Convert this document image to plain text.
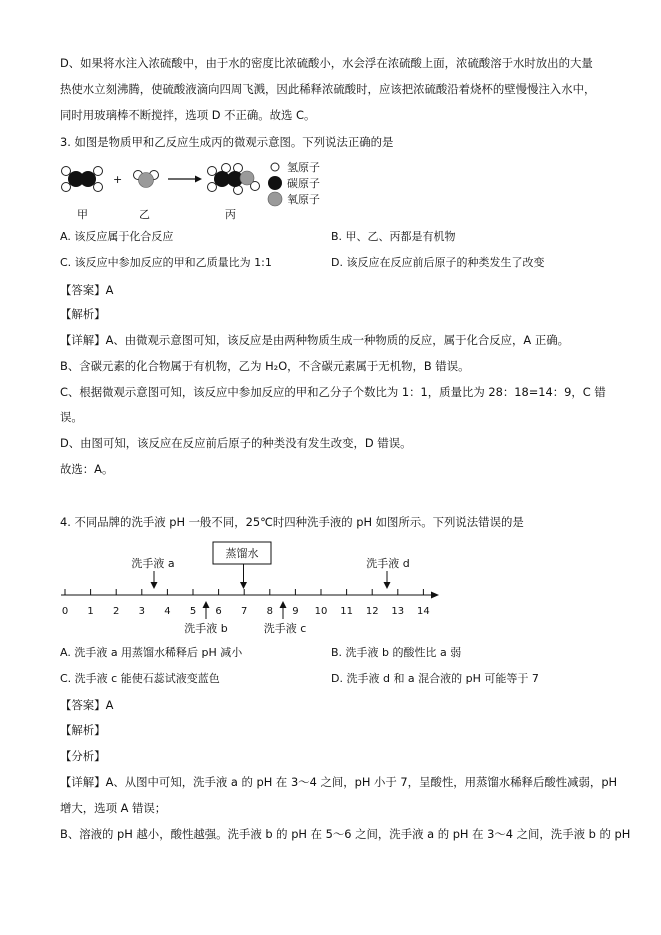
D、如果将水注入浓硫酸中，由于水的密度比浓硫酸小，水会浮在浓硫酸上面，浓硫酸溶于水时放出的大量
热使水立刻沸腾，使硫酸液滴向四周飞溅，因此稀释浓硫酸时，应该把浓硫酸沿着烧杯的壁慢慢注入水中，
同时用玻璃棒不断搅拌，选项 D 不正确。故选 C。
3. 如图是物质甲和乙反应生成丙的微观示意图。下列说法正确的是
+
氢原子
碳原子
氧原子
甲	乙	丙
A. 该反应属于化合反应	B. 甲、乙、丙都是有机物
C. 该反应中参加反应的甲和乙质量比为 1:1	D. 该反应在反应前后原子的种类发生了改变
【答案】A
【解析】
【详解】A、由微观示意图可知，该反应是由两种物质生成一种物质的反应，属于化合反应，A 正确。
B、含碳元素的化合物属于有机物，乙为 H₂O，不含碳元素属于无机物，B 错误。
C、根据微观示意图可知，该反应中参加反应的甲和乙分子个数比为 1：1，质量比为 28：18=14：9，C 错
误。
D、由图可知，该反应在反应前后原子的种类没有发生改变，D 错误。
故选：A。
4. 不同品牌的洗手液 pH 一般不同，25℃时四种洗手液的 pH 如图所示。下列说法错误的是
0 1 2 3 4 5 6 7 8 9 10 11 12 13 14
蒸馏水
洗手液 a	洗手液 d
洗手液 b	洗手液 c
A. 洗手液 a 用蒸馏水稀释后 pH 减小	B. 洗手液 b 的酸性比 a 弱
C. 洗手液 c 能使石蕊试液变蓝色	D. 洗手液 d 和 a 混合液的 pH 可能等于 7
【答案】A
【解析】
【分析】
【详解】A、从图中可知，洗手液 a 的 pH 在 3～4 之间，pH 小于 7，呈酸性，用蒸馏水稀释后酸性减弱，pH
增大，选项 A 错误；
B、溶液的 pH 越小，酸性越强。洗手液 b 的 pH 在 5～6 之间，洗手液 a 的 pH 在 3～4 之间，洗手液 b 的 pH
